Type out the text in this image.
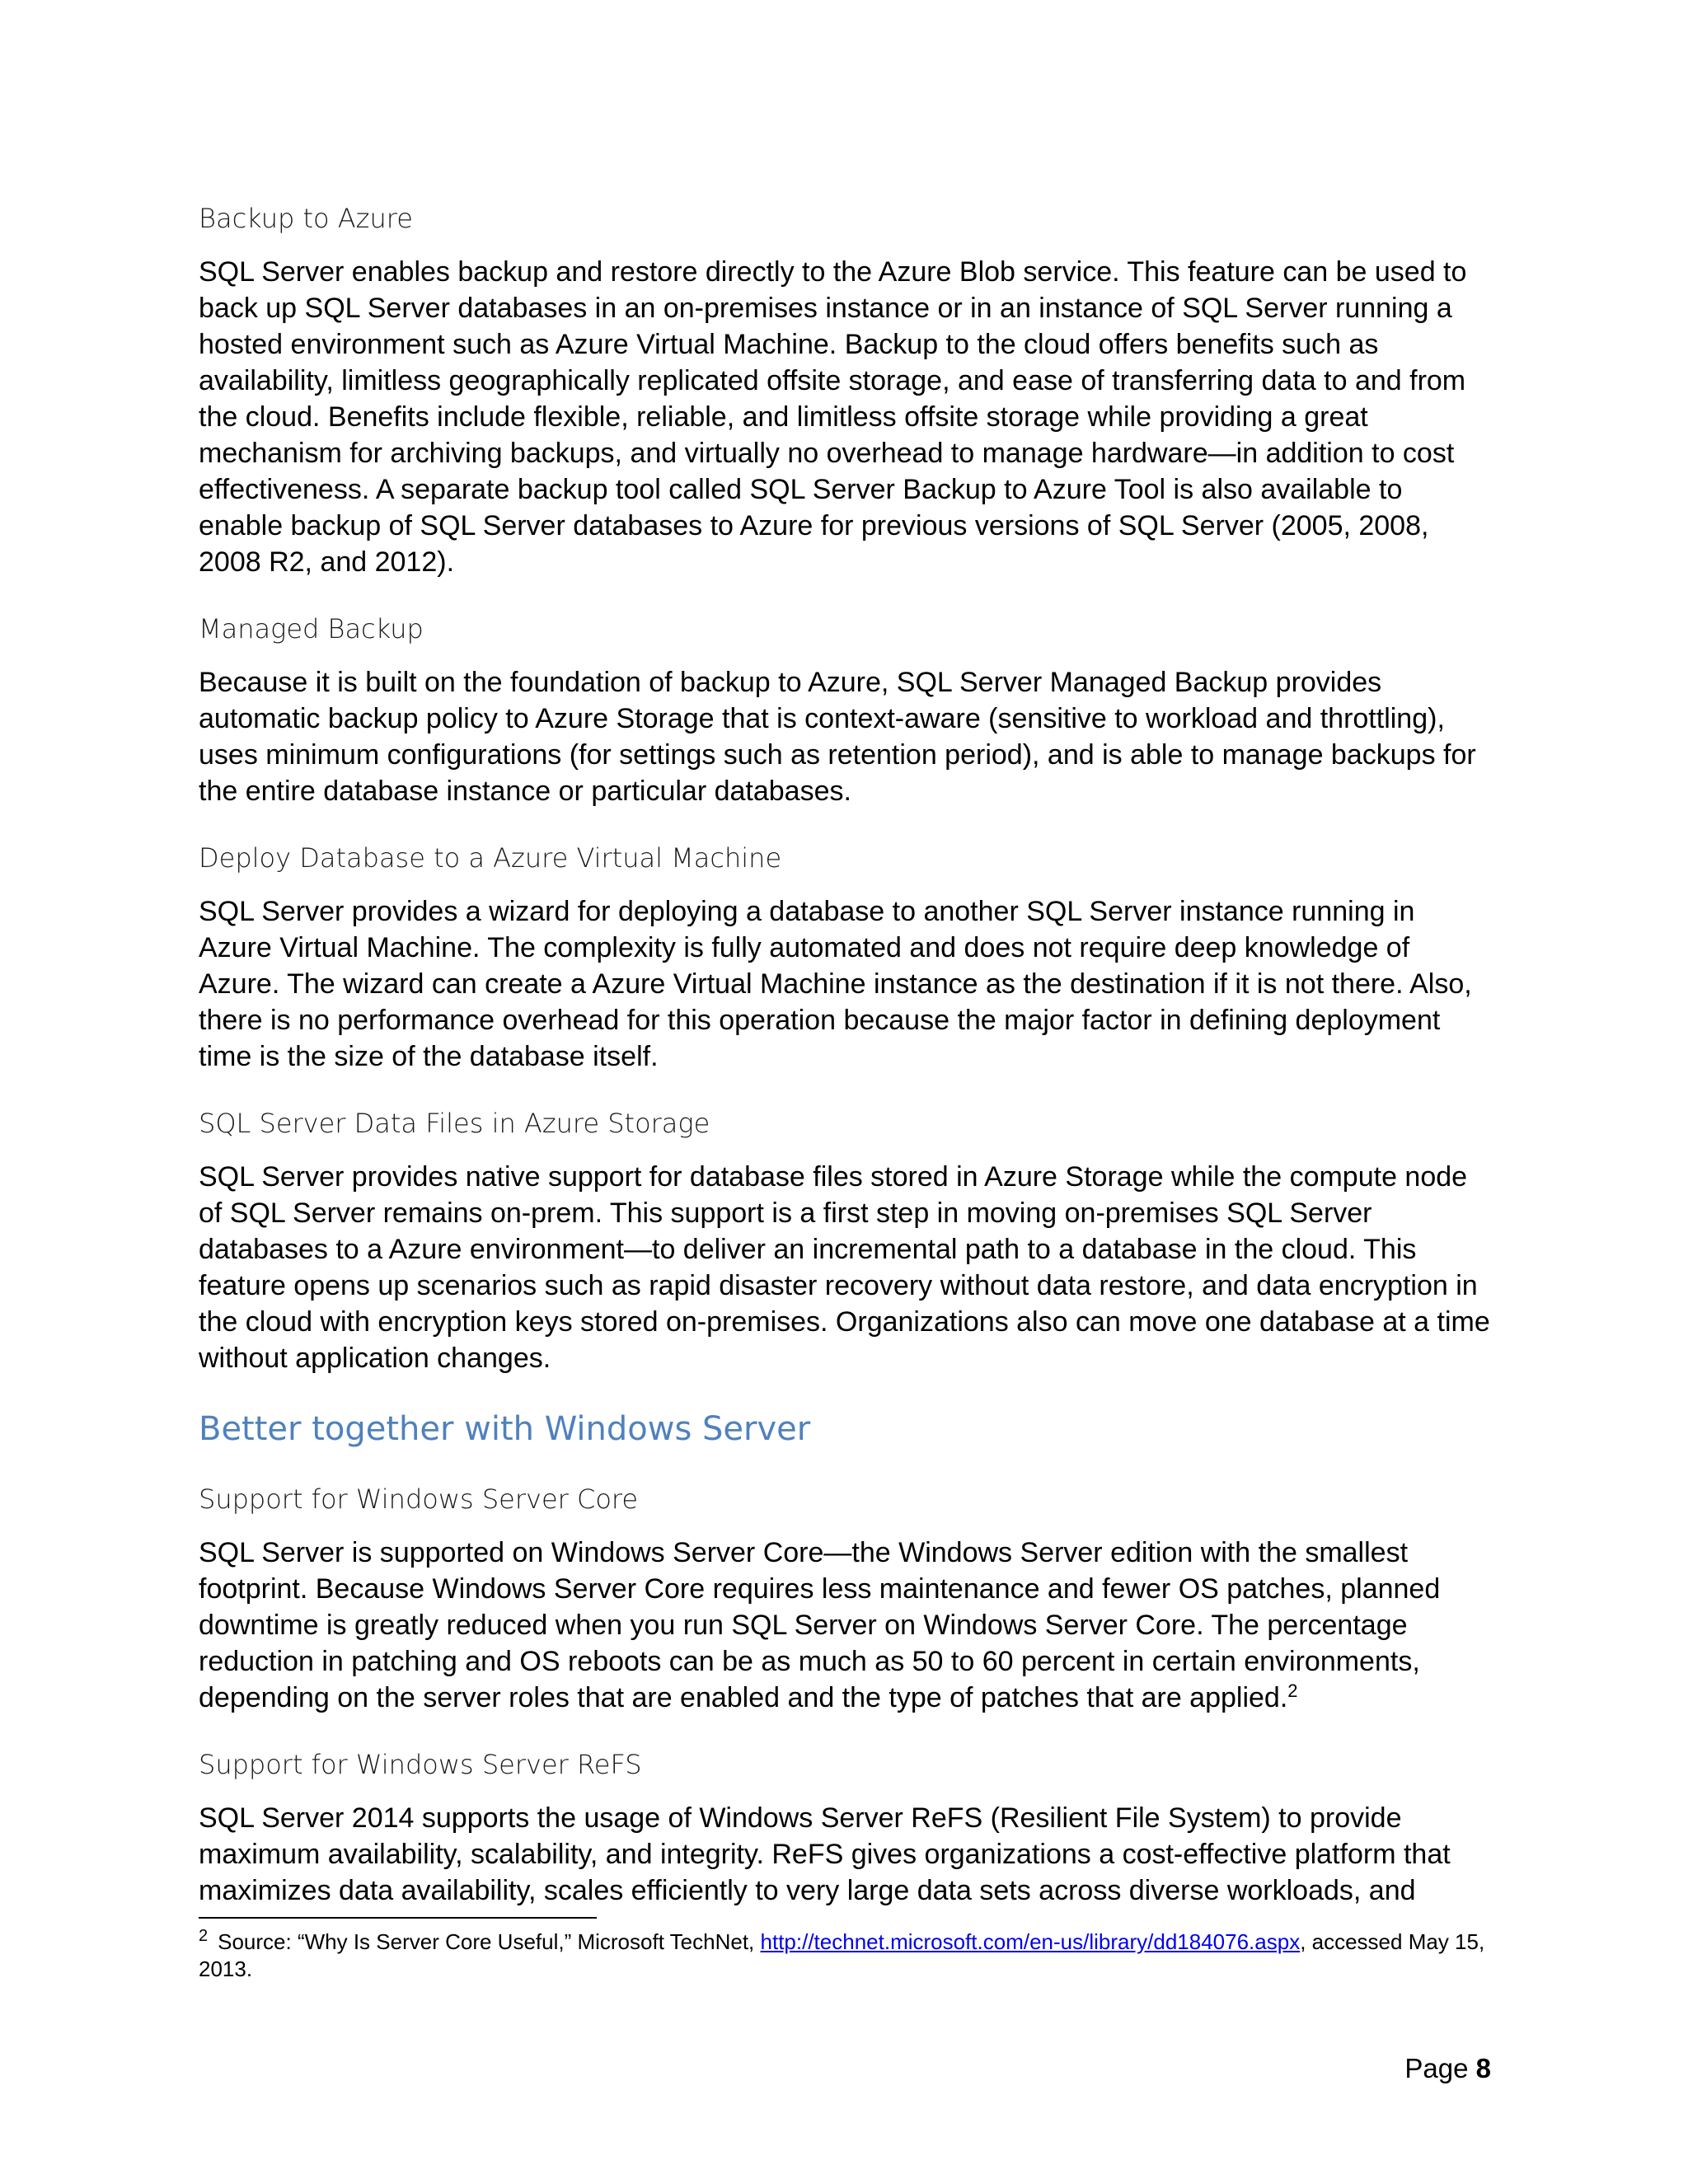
Backup to Azure

SQL Server enables backup and restore directly to the Azure Blob service. This feature can be used to back up SQL Server databases in an on-premises instance or in an instance of SQL Server running a hosted environment such as Azure Virtual Machine. Backup to the cloud offers benefits such as availability, limitless geographically replicated offsite storage, and ease of transferring data to and from the cloud. Benefits include flexible, reliable, and limitless offsite storage while providing a great mechanism for archiving backups, and virtually no overhead to manage hardware—in addition to cost effectiveness. A separate backup tool called SQL Server Backup to Azure Tool is also available to enable backup of SQL Server databases to Azure for previous versions of SQL Server (2005, 2008, 2008 R2, and 2012).

Managed Backup

Because it is built on the foundation of backup to Azure, SQL Server Managed Backup provides automatic backup policy to Azure Storage that is context-aware (sensitive to workload and throttling), uses minimum configurations (for settings such as retention period), and is able to manage backups for the entire database instance or particular databases.

Deploy Database to a Azure Virtual Machine

SQL Server provides a wizard for deploying a database to another SQL Server instance running in Azure Virtual Machine. The complexity is fully automated and does not require deep knowledge of Azure. The wizard can create a Azure Virtual Machine instance as the destination if it is not there. Also, there is no performance overhead for this operation because the major factor in defining deployment time is the size of the database itself.

SQL Server Data Files in Azure Storage

SQL Server provides native support for database files stored in Azure Storage while the compute node of SQL Server remains on-prem. This support is a first step in moving on-premises SQL Server databases to a Azure environment—to deliver an incremental path to a database in the cloud. This feature opens up scenarios such as rapid disaster recovery without data restore, and data encryption in the cloud with encryption keys stored on-premises. Organizations also can move one database at a time without application changes.

Better together with Windows Server
Support for Windows Server Core

SQL Server is supported on Windows Server Core—the Windows Server edition with the smallest footprint. Because Windows Server Core requires less maintenance and fewer OS patches, planned downtime is greatly reduced when you run SQL Server on Windows Server Core. The percentage reduction in patching and OS reboots can be as much as 50 to 60 percent in certain environments, depending on the server roles that are enabled and the type of patches that are applied.$^2$

Support for Windows Server ReFS

SQL Server 2014 supports the usage of Windows Server ReFS (Resilient File System) to provide maximum availability, scalability, and integrity. ReFS gives organizations a cost-effective platform that maximizes data availability, scales efficiently to very large data sets across diverse workloads, and

$^2$ Source: “Why Is Server Core Useful,” Microsoft TechNet, http://technet.microsoft.com/en-us/library/dd184076.aspx, accessed May 15, 2013.
Page 8
